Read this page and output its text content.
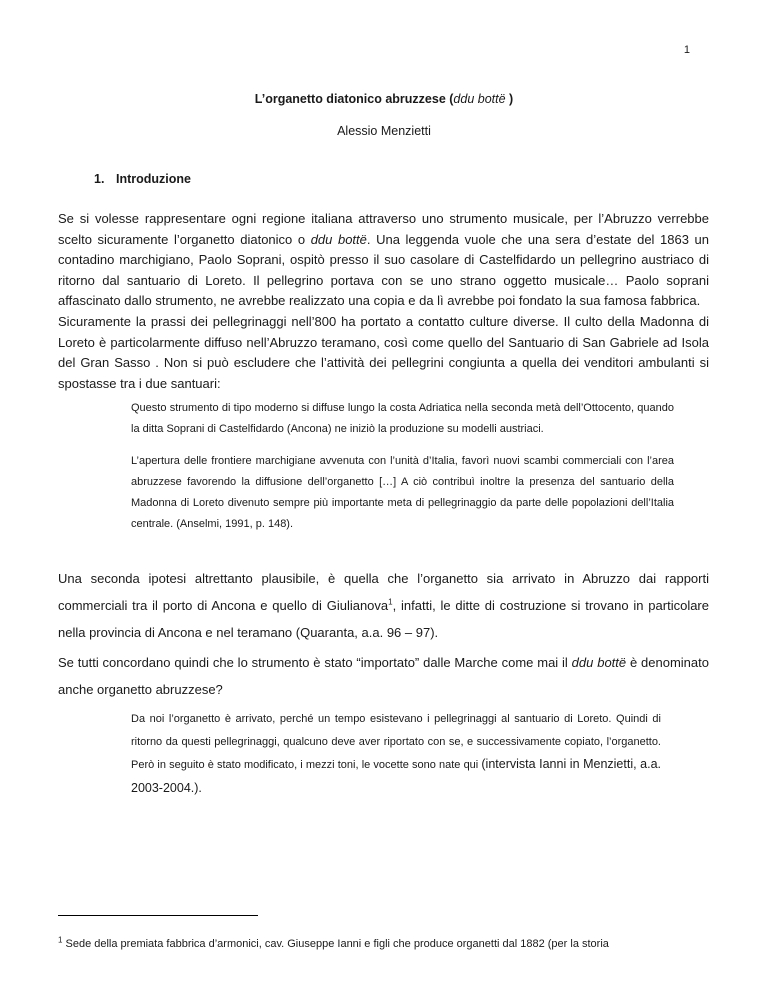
1
L’organetto diatonico abruzzese (ddu bottë )
Alessio Menzietti
1. Introduzione

Se si volesse rappresentare ogni regione italiana attraverso uno strumento musicale, per l’Abruzzo verrebbe scelto sicuramente l’organetto diatonico o ddu bottë. Una leggenda vuole che una sera d’estate del 1863 un contadino marchigiano, Paolo Soprani, ospitò presso il suo casolare di Castelfidardo un pellegrino austriaco di ritorno dal santuario di Loreto. Il pellegrino portava con se uno strano oggetto musicale… Paolo soprani affascinato dallo strumento, ne avrebbe realizzato una copia e da lì avrebbe poi fondato la sua famosa fabbrica.

Sicuramente la prassi dei pellegrinaggi nell’800 ha portato a contatto culture diverse. Il culto della Madonna di Loreto è particolarmente diffuso nell’Abruzzo teramano, così come quello del Santuario di San Gabriele ad Isola del Gran Sasso . Non si può escludere che l’attività dei pellegrini congiunta a quella dei venditori ambulanti si spostasse tra i due santuari:

Questo strumento di tipo moderno si diffuse lungo la costa Adriatica nella seconda metà dell’Ottocento, quando la ditta Soprani di Castelfidardo (Ancona) ne iniziò la produzione su modelli austriaci.

L’apertura delle frontiere marchigiane avvenuta con l’unità d’Italia, favorì nuovi scambi commerciali con l’area abruzzese favorendo la diffusione dell’organetto […] A ciò contribuì inoltre la presenza del santuario della Madonna di Loreto divenuto sempre più importante meta di pellegrinaggio da parte delle popolazioni dell’Italia centrale. (Anselmi, 1991, p. 148).

Una seconda ipotesi altrettanto plausibile, è quella che l’organetto sia arrivato in Abruzzo dai rapporti commerciali tra il porto di Ancona e quello di Giulianova$^1$, infatti, le ditte di costruzione si trovano in particolare nella provincia di Ancona e nel teramano (Quaranta, a.a. 96 – 97).

Se tutti concordano quindi che lo strumento è stato “importato” dalle Marche come mai il ddu bottë è denominato anche organetto abruzzese?

Da noi l’organetto è arrivato, perché un tempo esistevano i pellegrinaggi al santuario di Loreto. Quindi di ritorno da questi pellegrinaggi, qualcuno deve aver riportato con se, e successivamente copiato, l’organetto. Però in seguito è stato modificato, i mezzi toni, le vocette sono nate qui (intervista Ianni in Menzietti, a.a. 2003-2004.).

$^1$ Sede della premiata fabbrica d’armonici, cav. Giuseppe Ianni e figli che produce organetti dal 1882 (per la storia
